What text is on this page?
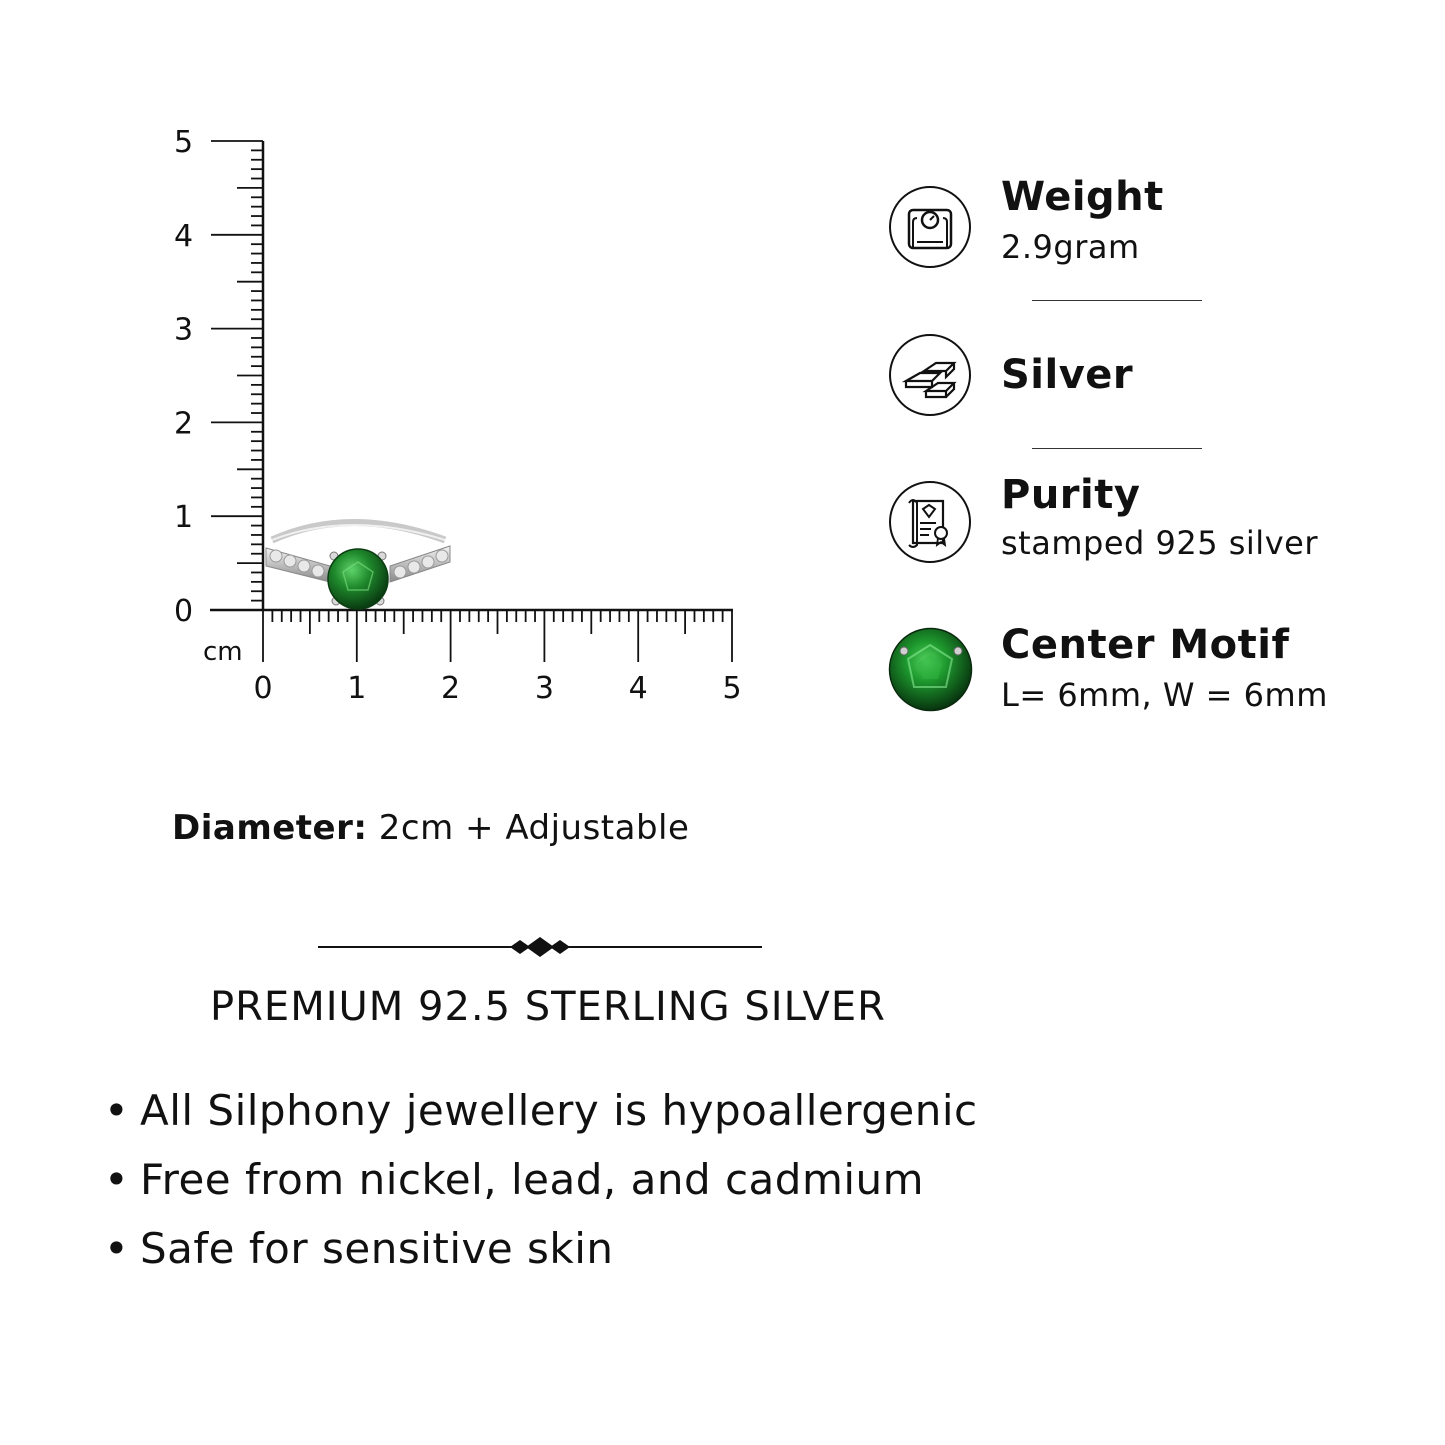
0
1
2
3
4
5
0 1 2 3 4 5
cm
Weight
2.9gram
Silver
Purity
stamped 925 silver
Center Motif
L= 6mm, W = 6mm
Diameter: 2cm + Adjustable
PREMIUM 92.5 STERLING SILVER
• All Silphony jewellery is hypoallergenic
• Free from nickel, lead, and cadmium
• Safe for sensitive skin
